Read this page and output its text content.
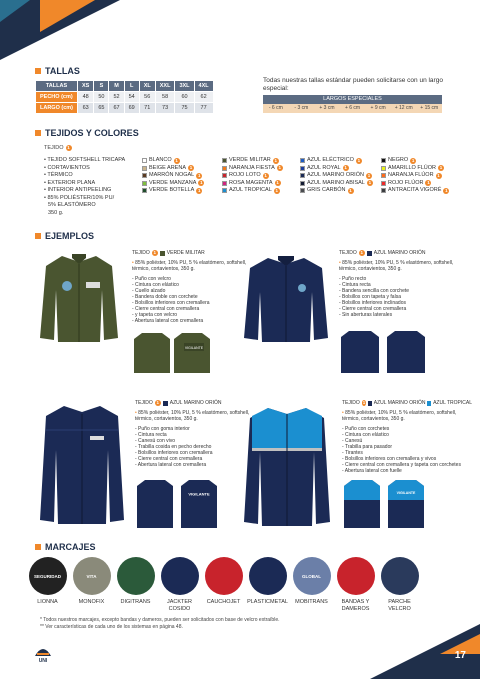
TALLAS
TALLAS	XS	S	M	L	XL	XXL	3XL	4XL
PECHO (cm)	48	50	52	54	56	58	60	62
LARGO (cm)	63	65	67	69	71	73	75	77
Todas nuestras tallas estándar pueden solicitarse con un largo especial:
LARGOS ESPECIALES
- 6 cm	- 3 cm	+ 3 cm	+ 6 cm	+ 9 cm	+ 12 cm	+ 15 cm
TEJIDOS Y COLORES
TEJIDO 1
• TEJIDO SOFTSHELL TRICAPA
• CORTAVIENTOS
• TÉRMICO
• EXTERIOR PLANA
• INTERIOR ANTIPEELING
• 85% POLIÉSTER/10% PU/
5% ELASTÓMERO
350 g.
BLANCO 1
BEIGE ARENA 1
MARRÓN NOGAL 1
VERDE MANZANA 1
VERDE BOTELLA 1
VERDE MILITAR 1
NARANJA FIESTA 1
ROJO LOTO 1
ROSA MAGENTA 1
AZUL TROPICAL 1
AZUL ELÉCTRICO 1
AZUL ROYAL 1
AZUL MARINO ORIÓN 1
AZUL MARINO ABISAL 1
GRIS CARBÓN 1
NEGRO 1
AMARILLO FLÚOR 1
NARANJA FLÚOR 1
ROJO FLÚOR 1
ANTRACITA VIGORÉ 1
EJEMPLOS
VIGILANTE
TEJIDO 1	VERDE MILITAR
• 85% poliéster, 10% PU, 5 % elastómero, softshell, térmico, cortavientos, 350 g.
- Puño con velcro
- Cintura con elástico
- Cuello alzado
- Bandera doble con corchete
- Bolsillos inferiores con cremallera
- Cierre central con cremallera
- y tapeta con velcro
- Abertura lateral con cremallera
TEJIDO 1	AZUL MARINO ORIÓN
• 85% poliéster, 10% PU, 5 % elastómero, softshell, térmico, cortavientos, 350 g.
- Puño recto
- Cintura recta
- Bandera sencilla con corchete
- Bolsillos con tapeta y falsa
- Bolsillos inferiores inclinados
- Cierre central con cremallera
- Sin aberturas laterales
VIGILANTE
TEJIDO 1	AZUL MARINO ORIÓN
• 85% poliéster, 10% PU, 5 % elastómero, softshell, térmico, cortavientos, 350 g.
- Puño con goma interior
- Cintura recta
- Canesú con vivo
- Trabilla cosida en pecho derecho
- Bolsillos inferiores con cremallera
- Cierre central con cremallera
- Abertura lateral con cremallera
VIGILANTE
TEJIDO 1 AZUL MARINO ORIÓN AZUL TROPICAL
• 85% poliéster, 10% PU, 5 % elastómero, softshell, térmico, cortavientos, 350 g.
- Puño con corchetes
- Cintura con elástico
- Canesú
- Trabilla para pasador
- Tirantes
- Bolsillos inferiores con cremallera y vivos
- Cierre central con cremallera y tapeta con corchetes
- Abertura lateral con fuelle
MARCAJES
SEGURIDAD
LIONNA
VITA
MONOFIX	DIGITRANS	JACKTER COSIDO
CAUCHOJET PLASTICMETAL
GLOBAL
MOBITRANS	BANDAS Y DAMEROS
PARCHE VELCRO
* Todos nuestros marcajes, excepto bandas y dameros, pueden ser solicitados con base de velcro extraíble.
** Ver características de cada uno de los sistemas en página 48.
UNI	17
